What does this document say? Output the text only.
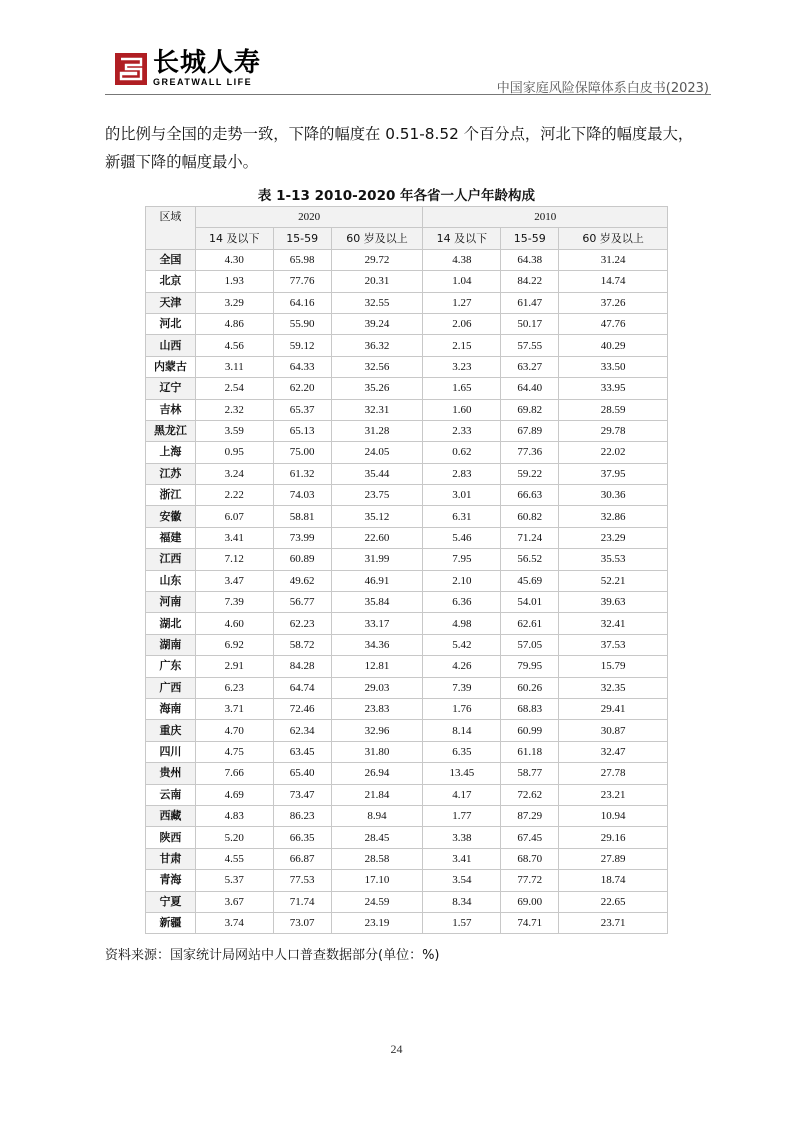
长城人寿
GREATWALL LIFE	中国家庭风险保障体系白皮书(2023)

的比例与全国的走势一致，下降的幅度在 0.51-8.52 个百分点，河北下降的幅度最大，

新疆下降的幅度最小。

表 1-13 2010-2020 年各省一人户年龄构成
区域	2020			2010		
	14 及以下	15-59	60 岁及以上	14 及以下	15-59	60 岁及以上
全国	4.30	65.98	29.72	4.38	64.38	31.24
北京	1.93	77.76	20.31	1.04	84.22	14.74
天津	3.29	64.16	32.55	1.27	61.47	37.26
河北	4.86	55.90	39.24	2.06	50.17	47.76
山西	4.56	59.12	36.32	2.15	57.55	40.29
内蒙古	3.11	64.33	32.56	3.23	63.27	33.50
辽宁	2.54	62.20	35.26	1.65	64.40	33.95
吉林	2.32	65.37	32.31	1.60	69.82	28.59
黑龙江	3.59	65.13	31.28	2.33	67.89	29.78
上海	0.95	75.00	24.05	0.62	77.36	22.02
江苏	3.24	61.32	35.44	2.83	59.22	37.95
浙江	2.22	74.03	23.75	3.01	66.63	30.36
安徽	6.07	58.81	35.12	6.31	60.82	32.86
福建	3.41	73.99	22.60	5.46	71.24	23.29
江西	7.12	60.89	31.99	7.95	56.52	35.53
山东	3.47	49.62	46.91	2.10	45.69	52.21
河南	7.39	56.77	35.84	6.36	54.01	39.63
湖北	4.60	62.23	33.17	4.98	62.61	32.41
湖南	6.92	58.72	34.36	5.42	57.05	37.53
广东	2.91	84.28	12.81	4.26	79.95	15.79
广西	6.23	64.74	29.03	7.39	60.26	32.35
海南	3.71	72.46	23.83	1.76	68.83	29.41
重庆	4.70	62.34	32.96	8.14	60.99	30.87
四川	4.75	63.45	31.80	6.35	61.18	32.47
贵州	7.66	65.40	26.94	13.45	58.77	27.78
云南	4.69	73.47	21.84	4.17	72.62	23.21
西藏	4.83	86.23	8.94	1.77	87.29	10.94
陕西	5.20	66.35	28.45	3.38	67.45	29.16
甘肃	4.55	66.87	28.58	3.41	68.70	27.89
青海	5.37	77.53	17.10	3.54	77.72	18.74
宁夏	3.67	71.74	24.59	8.34	69.00	22.65
新疆	3.74	73.07	23.19	1.57	74.71	23.71
资料来源：国家统计局网站中人口普查数据部分(单位：%)
24
